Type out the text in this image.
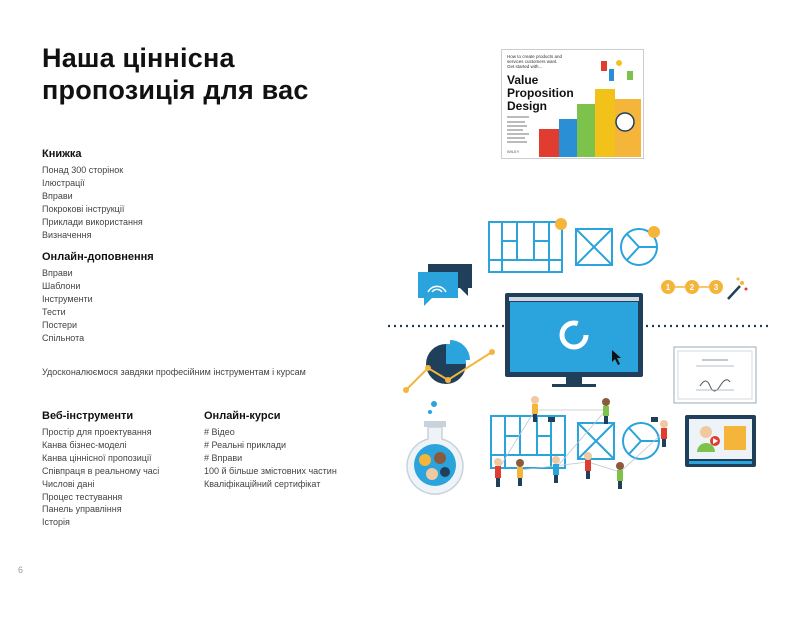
Наша ціннісна
пропозиція для вас
Книжка
Понад 300 сторінок
Ілюстрації
Вправи
Покрокові інструкції
Приклади використання
Визначення
Онлайн-доповнення
Вправи
Шаблони
Інструменти
Тести
Постери
Спільнота
Удосконалюємося завдяки професійним інструментам і курсам
Веб-інструменти
Простір для проектування
Канва бізнес-моделі
Канва ціннісної пропозиції
Співпраця в реальному часі
Числові дані
Процес тестування
Панель управління
Історія
Онлайн-курси
# Відео
# Реальні приклади
# Вправи
100 й більше змістовних частин
Кваліфікаційний сертифікат
6
How to create products and
services customers want.
Get started with...
Value
Proposition
Design
WILEY
1 2 3
